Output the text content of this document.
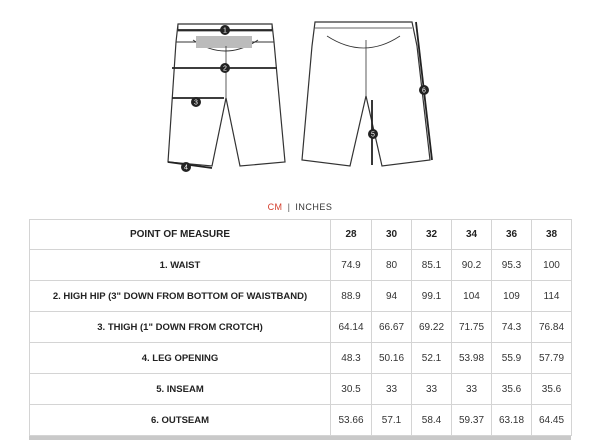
1
2
3
4
5
6
CM | INCHES
POINT OF MEASURE	28	30	32	34	36	38
1. WAIST	74.9	80	85.1	90.2	95.3	100
2. HIGH HIP (3" DOWN FROM BOTTOM OF WAISTBAND)	88.9	94	99.1	104	109	114
3. THIGH (1" DOWN FROM CROTCH)	64.14	66.67	69.22	71.75	74.3	76.84
4. LEG OPENING	48.3	50.16	52.1	53.98	55.9	57.79
5. INSEAM	30.5	33	33	33	35.6	35.6
6. OUTSEAM	53.66	57.1	58.4	59.37	63.18	64.45
